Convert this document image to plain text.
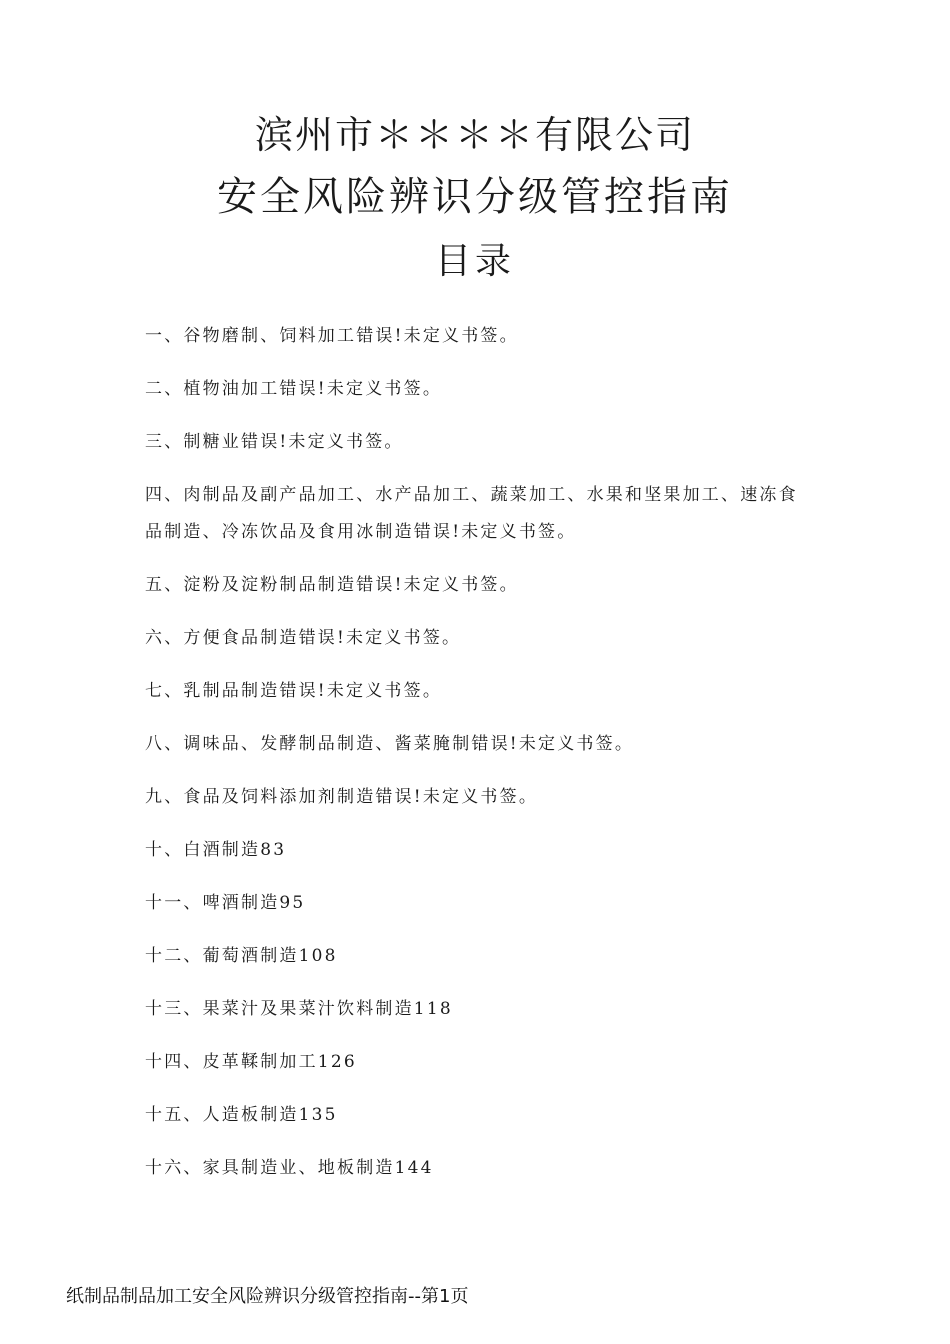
滨州市＊＊＊＊有限公司
安全风险辨识分级管控指南
目录
一、谷物磨制、饲料加工错误!未定义书签。
二、植物油加工错误!未定义书签。
三、制糖业错误!未定义书签。
四、肉制品及副产品加工、水产品加工、蔬菜加工、水果和坚果加工、速冻食品制造、冷冻饮品及食用冰制造错误!未定义书签。
五、淀粉及淀粉制品制造错误!未定义书签。
六、方便食品制造错误!未定义书签。
七、乳制品制造错误!未定义书签。
八、调味品、发酵制品制造、酱菜腌制错误!未定义书签。
九、食品及饲料添加剂制造错误!未定义书签。
十、白酒制造83
十一、啤酒制造95
十二、葡萄酒制造108
十三、果菜汁及果菜汁饮料制造118
十四、皮革鞣制加工126
十五、人造板制造135
十六、家具制造业、地板制造144
纸制品制品加工安全风险辨识分级管控指南--第1页
